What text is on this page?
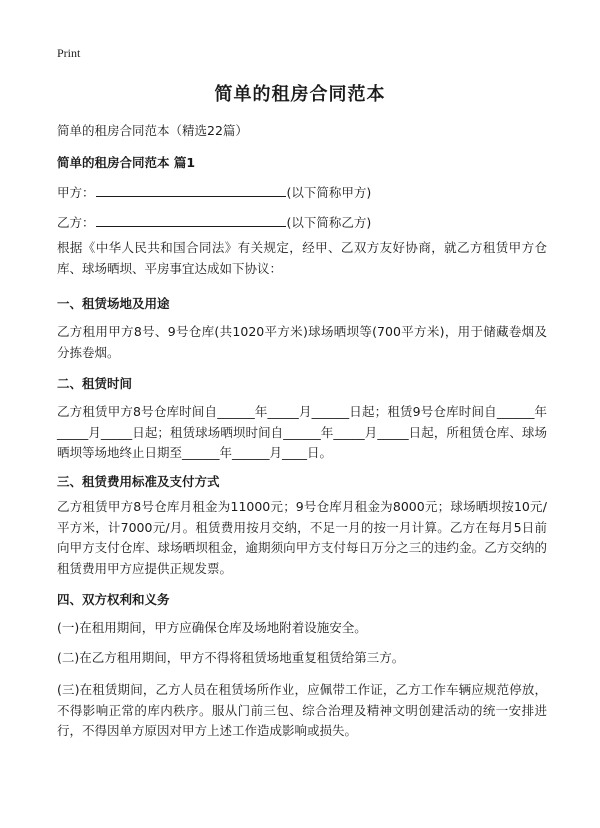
Print
简单的租房合同范本
简单的租房合同范本（精选22篇）
简单的租房合同范本 篇1
甲方：	(以下简称甲方)
乙方：	(以下简称乙方)
根据《中华人民共和国合同法》有关规定，经甲、乙双方友好协商，就乙方租赁甲方仓库、球场晒坝、平房事宜达成如下协议：
一、租赁场地及用途
乙方租用甲方8号、9号仓库(共1020平方米)球场晒坝等(700平方米)，用于储藏卷烟及分拣卷烟。
二、租赁时间
乙方租赁甲方8号仓库时间自______年_____月______日起；租赁9号仓库时间自______年_____月_____日起；租赁球场晒坝时间自______年_____月_____日起，所租赁仓库、球场晒坝等场地终止日期至______年______月____日。
三、租赁费用标准及支付方式
乙方租赁甲方8号仓库月租金为11000元；9号仓库月租金为8000元；球场晒坝按10元/平方米，计7000元/月。租赁费用按月交纳，不足一月的按一月计算。乙方在每月5日前向甲方支付仓库、球场晒坝租金，逾期须向甲方支付每日万分之三的违约金。乙方交纳的租赁费用甲方应提供正规发票。
四、双方权利和义务
(一)在租用期间，甲方应确保仓库及场地附着设施安全。
(二)在乙方租用期间，甲方不得将租赁场地重复租赁给第三方。
(三)在租赁期间，乙方人员在租赁场所作业，应佩带工作证，乙方工作车辆应规范停放，不得影响正常的库内秩序。服从门前三包、综合治理及精神文明创建活动的统一安排进行，不得因单方原因对甲方上述工作造成影响或损失。
